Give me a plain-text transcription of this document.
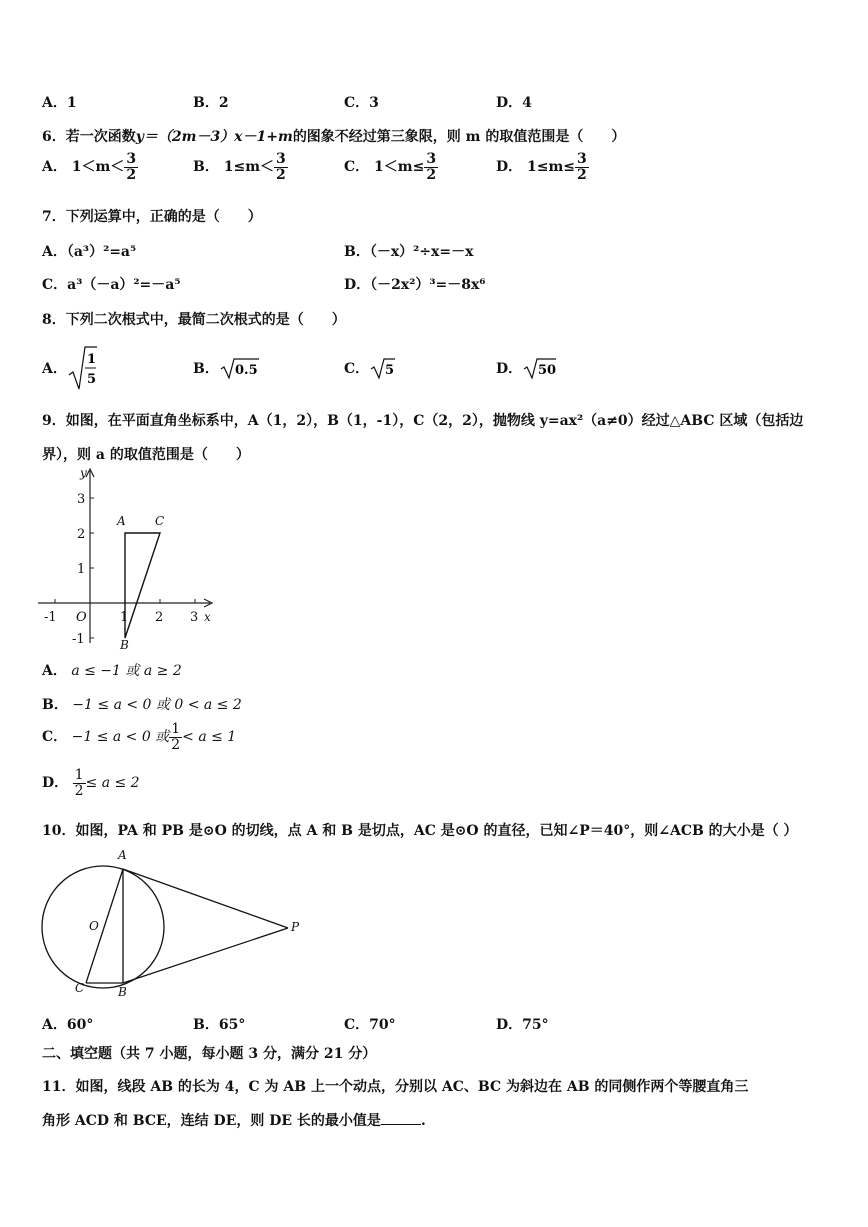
A．1	B．2	C．3	D．4
6．若一次函数y＝（2m－3）x－1+m的图象不经过第三象限，则 m 的取值范围是（　　）
A． $1<m< \frac{3}{2}$	B． $1\le m< \frac{3}{2}$	C． $1<m\le \frac{3}{2}$	D． $1\le m\le \frac{3}{2}$
7．下列运算中，正确的是（　　）
A．（a³）²=a⁵	B．（－x）²÷x=－x
C．a³（－a）²=－a⁵	D．（－2x²）³=－8x⁶
8．下列二次根式中，最简二次根式的是（　　）
A．
1
5
B． 0.5	C． 5	D． 50
9．如图，在平面直角坐标系中，A（1，2），B（1，-1），C（2，2），抛物线 y=ax²（a≠0）经过△ABC 区域（包括边
界），则 a 的取值范围是（　　）
-1	1 2 3
3
2
1
-1
O	x
y
A
B
C
A． a ≤ −1 或 a ≥ 2
B． −1 ≤ a < 0 或 0 < a ≤ 2
C． −1 ≤ a < 0 或 $\frac{1}{2} < a \le 1$
D． $\frac{1}{2} \le a \le 2$
10．如图，PA 和 PB 是⊙O 的切线，点 A 和 B 是切点，AC 是⊙O 的直径，已知∠P＝40°，则∠ACB 的大小是（ ）
A
B
C
O	P
A．60°	B．65°	C．70°	D．75°
二、填空题（共 7 小题，每小题 3 分，满分 21 分）
11．如图，线段 AB 的长为 4，C 为 AB 上一个动点，分别以 AC、BC 为斜边在 AB 的同侧作两个等腰直角三
角形 ACD 和 BCE，连结 DE，则 DE 长的最小值是	.
